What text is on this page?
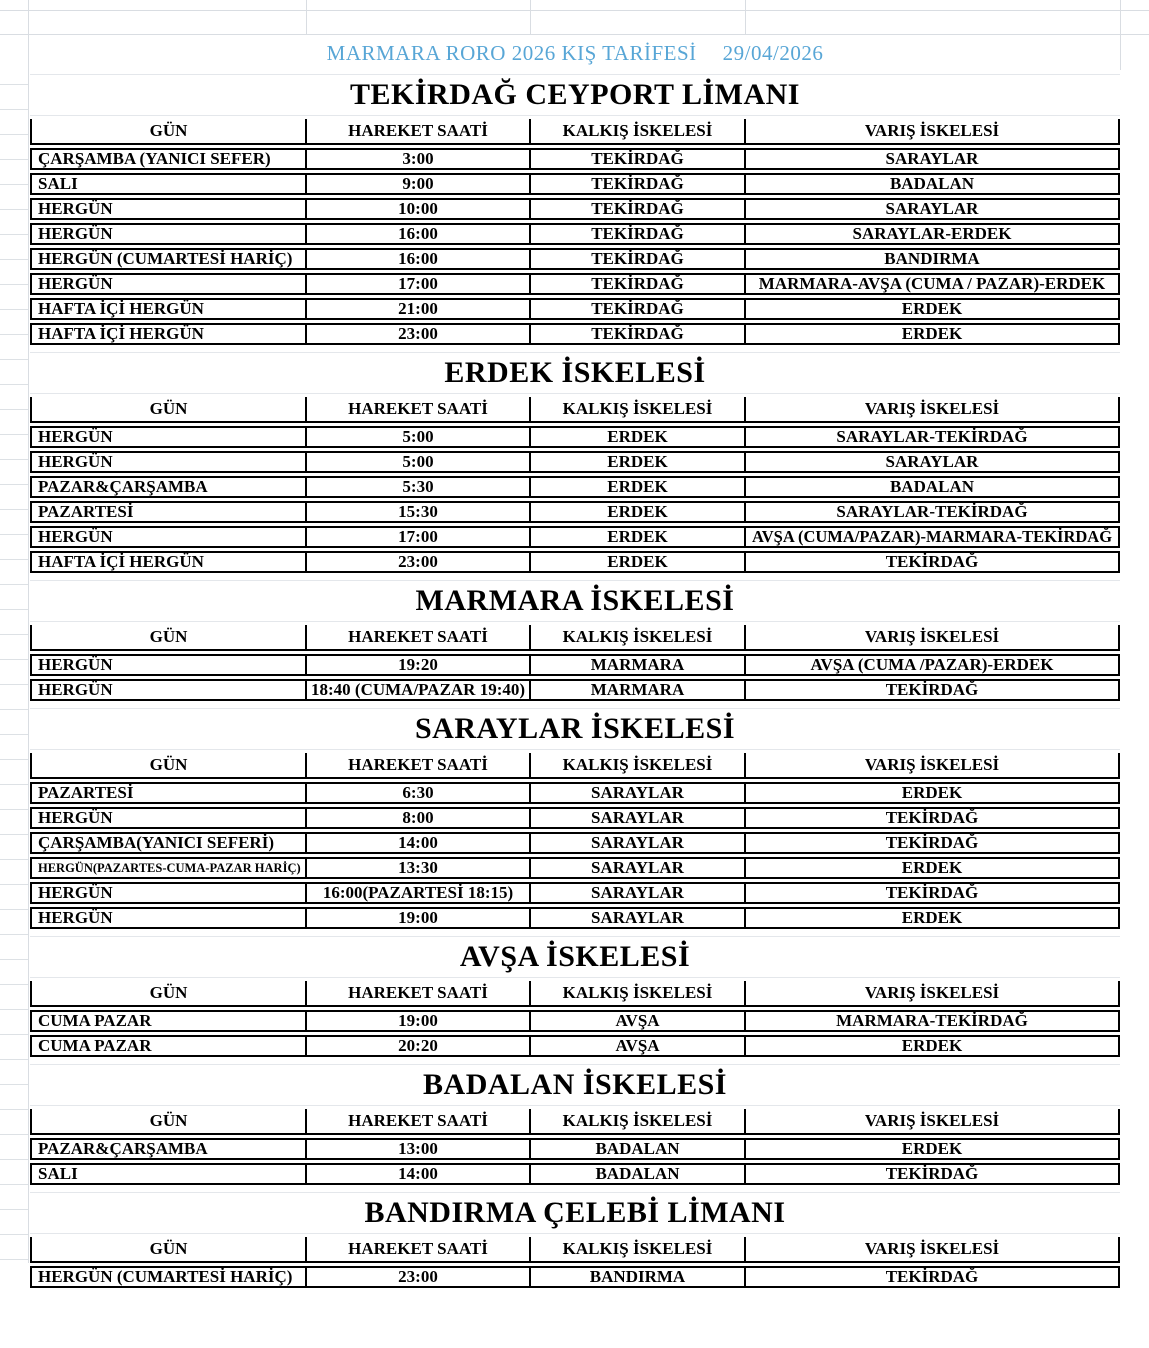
MARMARA RORO 2026 KIŞ TARİFESİ 29/04/2026
TEKİRDAĞ CEYPORT LİMANI
GÜN	HAREKET SAATİ	KALKIŞ İSKELESİ	VARIŞ İSKELESİ
ÇARŞAMBA (YANICI SEFER)	3:00	TEKİRDAĞ	SARAYLAR
SALI	9:00	TEKİRDAĞ	BADALAN
HERGÜN	10:00	TEKİRDAĞ	SARAYLAR
HERGÜN	16:00	TEKİRDAĞ	SARAYLAR-ERDEK
HERGÜN (CUMARTESİ HARİÇ)	16:00	TEKİRDAĞ	BANDIRMA
HERGÜN	17:00	TEKİRDAĞ	MARMARA-AVŞA (CUMA / PAZAR)-ERDEK
HAFTA İÇİ HERGÜN	21:00	TEKİRDAĞ	ERDEK
HAFTA İÇİ HERGÜN	23:00	TEKİRDAĞ	ERDEK
ERDEK İSKELESİ
GÜN	HAREKET SAATİ	KALKIŞ İSKELESİ	VARIŞ İSKELESİ
HERGÜN	5:00	ERDEK	SARAYLAR-TEKİRDAĞ
HERGÜN	5:00	ERDEK	SARAYLAR
PAZAR&ÇARŞAMBA	5:30	ERDEK	BADALAN
PAZARTESİ	15:30	ERDEK	SARAYLAR-TEKİRDAĞ
HERGÜN	17:00	ERDEK	AVŞA (CUMA/PAZAR)-MARMARA-TEKİRDAĞ
HAFTA İÇİ HERGÜN	23:00	ERDEK	TEKİRDAĞ
MARMARA İSKELESİ
GÜN	HAREKET SAATİ	KALKIŞ İSKELESİ	VARIŞ İSKELESİ
HERGÜN	19:20	MARMARA	AVŞA (CUMA /PAZAR)-ERDEK
HERGÜN	18:40 (CUMA/PAZAR 19:40)	MARMARA	TEKİRDAĞ
SARAYLAR İSKELESİ
GÜN	HAREKET SAATİ	KALKIŞ İSKELESİ	VARIŞ İSKELESİ
PAZARTESİ	6:30	SARAYLAR	ERDEK
HERGÜN	8:00	SARAYLAR	TEKİRDAĞ
ÇARŞAMBA(YANICI SEFERİ)	14:00	SARAYLAR	TEKİRDAĞ
HERGÜN(PAZARTES-CUMA-PAZAR HARİÇ)	13:30	SARAYLAR	ERDEK
HERGÜN	16:00(PAZARTESİ 18:15)	SARAYLAR	TEKİRDAĞ
HERGÜN	19:00	SARAYLAR	ERDEK
AVŞA İSKELESİ
GÜN	HAREKET SAATİ	KALKIŞ İSKELESİ	VARIŞ İSKELESİ
CUMA PAZAR	19:00	AVŞA	MARMARA-TEKİRDAĞ
CUMA PAZAR	20:20	AVŞA	ERDEK
BADALAN İSKELESİ
GÜN	HAREKET SAATİ	KALKIŞ İSKELESİ	VARIŞ İSKELESİ
PAZAR&ÇARŞAMBA	13:00	BADALAN	ERDEK
SALI	14:00	BADALAN	TEKİRDAĞ
BANDIRMA ÇELEBİ LİMANI
GÜN	HAREKET SAATİ	KALKIŞ İSKELESİ	VARIŞ İSKELESİ
HERGÜN (CUMARTESİ HARİÇ)	23:00	BANDIRMA	TEKİRDAĞ
